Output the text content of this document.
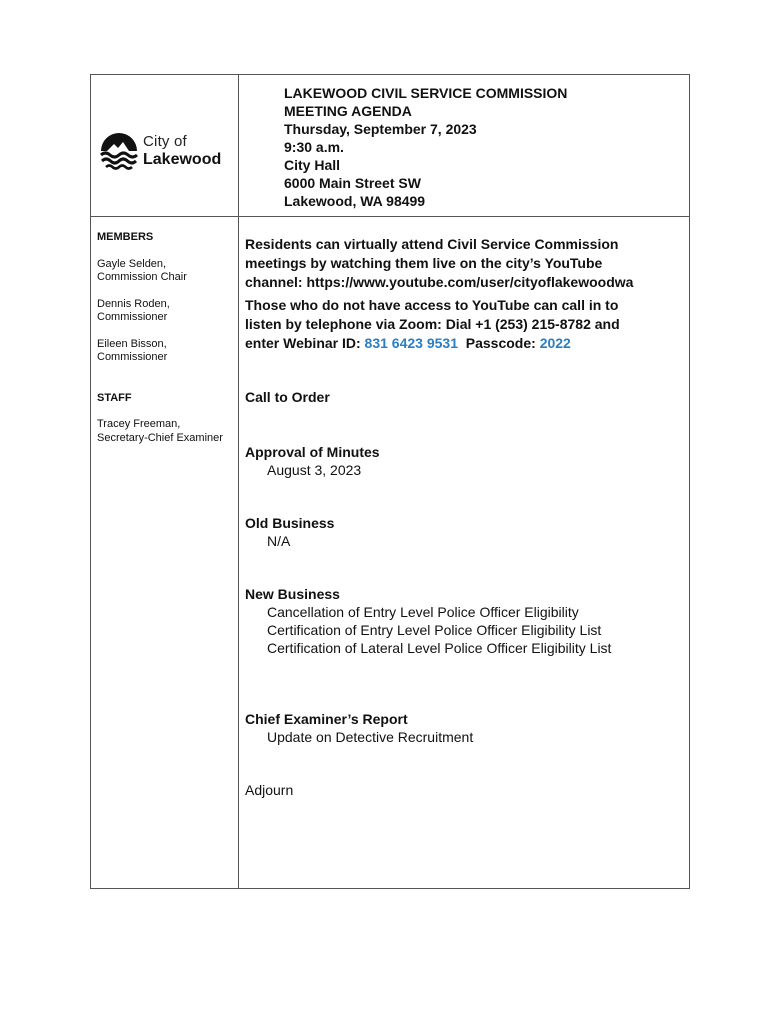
City of
Lakewood
LAKEWOOD CIVIL SERVICE COMMISSION
MEETING AGENDA
Thursday, September 7, 2023
9:30 a.m.
City Hall
6000 Main Street SW
Lakewood, WA 98499
MEMBERS
Gayle Selden,
Commission Chair
Dennis Roden,
Commissioner
Eileen Bisson,
Commissioner
STAFF
Tracey Freeman,
Secretary-Chief Examiner
Residents can virtually attend Civil Service Commission
meetings by watching them live on the city’s YouTube
channel: https://www.youtube.com/user/cityoflakewoodwa
Those who do not have access to YouTube can call in to
listen by telephone via Zoom: Dial +1 (253) 215-8782 and
enter Webinar ID: 831 6423 9531  Passcode: 2022
Call to Order
Approval of Minutes
August 3, 2023
Old Business
N/A
New Business
Cancellation of Entry Level Police Officer Eligibility
Certification of Entry Level Police Officer Eligibility List
Certification of Lateral Level Police Officer Eligibility List
Chief Examiner’s Report
Update on Detective Recruitment
Adjourn
